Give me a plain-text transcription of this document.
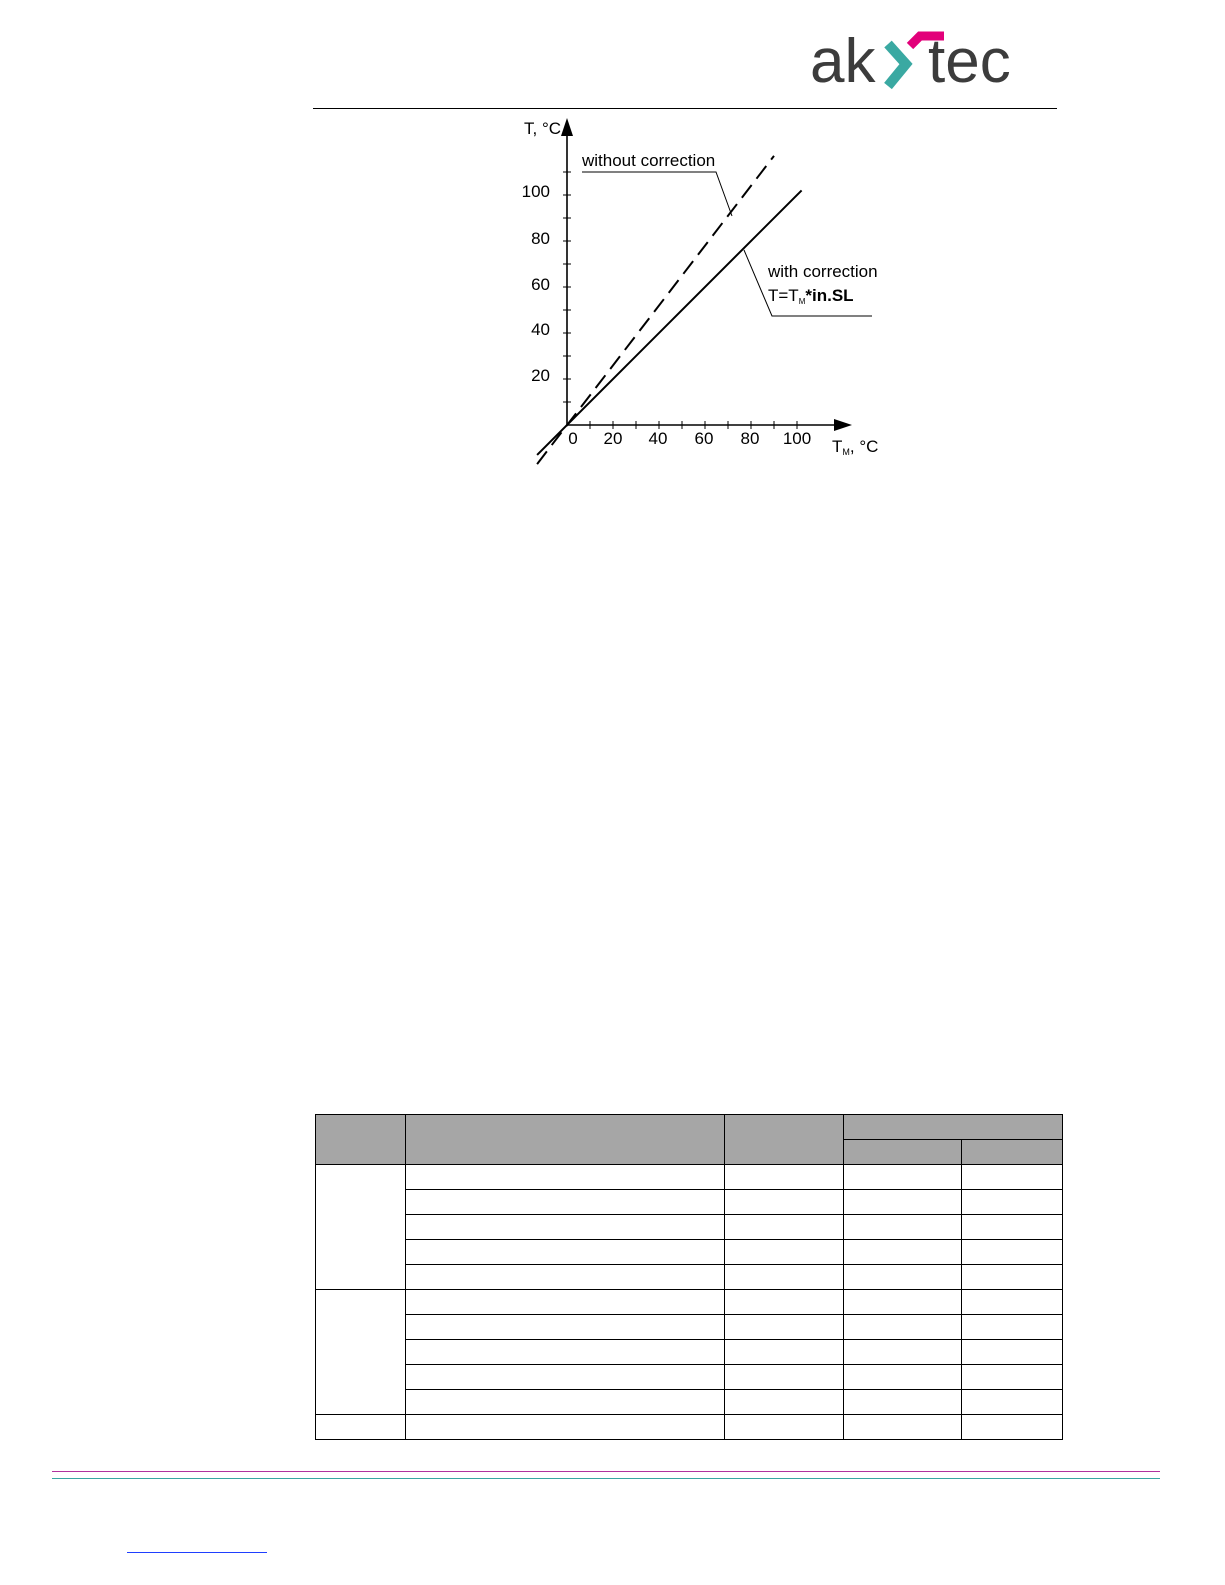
ak tec
20
40
60
80
100
0 20 40 60 80 100
T, °C
TM, °C
without correction
with correction
T=TM*in.SL
